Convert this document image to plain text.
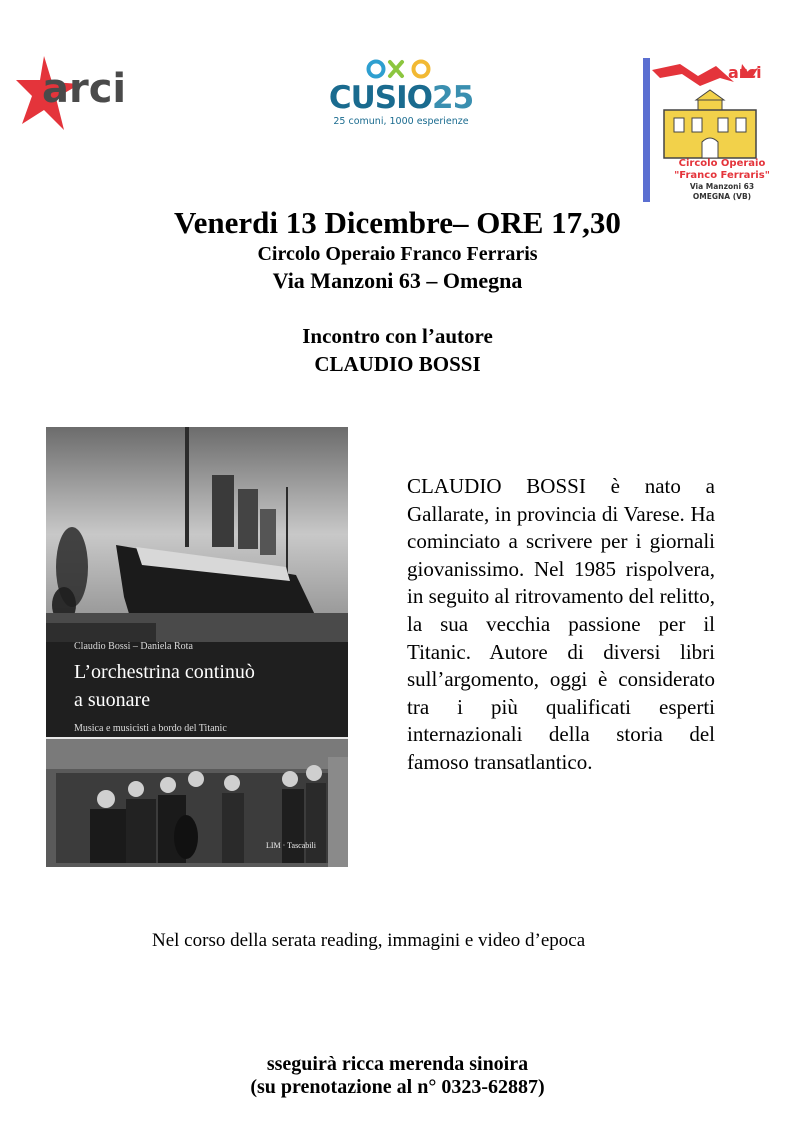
arci	CUSIO25
25 comuni, 1000 esperienze
arci
Circolo Operaio
"Franco Ferraris"
Via Manzoni 63
OMEGNA (VB)
Venerdi 13 Dicembre– ORE 17,30
Circolo Operaio Franco Ferraris
Via Manzoni 63 – Omegna
Incontro con l’autore
CLAUDIO BOSSI
Claudio Bossi – Daniela Rota
L’orchestrina continuò
a suonare
Musica e musicisti a bordo del Titanic
LIM · Tascabili
CLAUDIO BOSSI è nato a Gallarate, in provincia di Varese. Ha cominciato a scrivere per i giornali giovanissimo. Nel 1985 rispolvera, in seguito al ritrovamento del relitto, la sua vecchia passione per il Titanic. Autore di diversi libri sull’argomento, oggi è considerato tra i più qualificati esperti internazionali della storia del famoso transatlantico.
Nel corso della serata reading, immagini e video d’epoca
sseguirà ricca merenda sinoira
(su prenotazione al n° 0323-62887)
